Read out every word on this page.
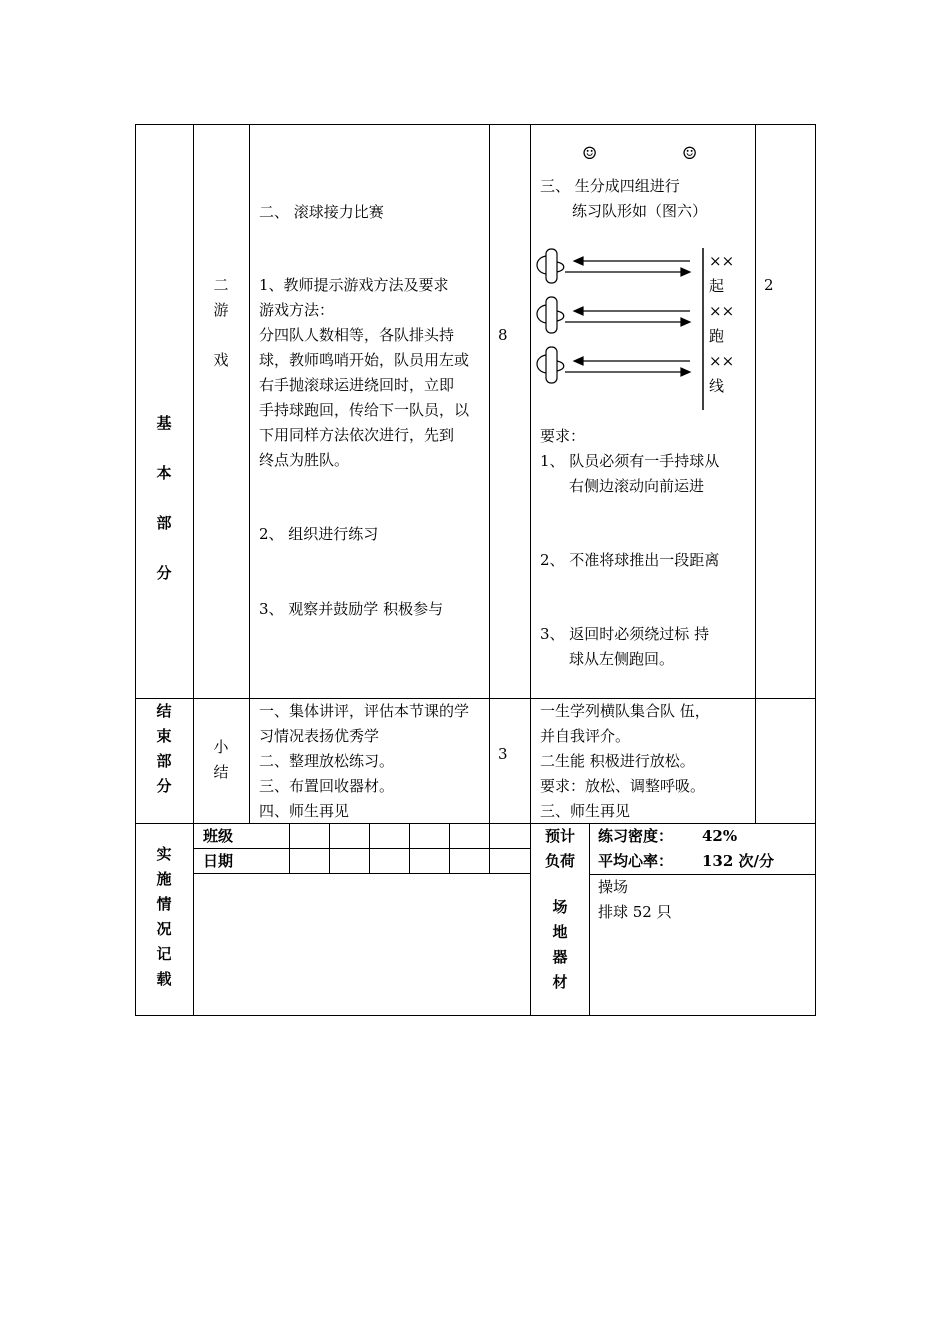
基
本
部
分
二
游
戏
二、 滚球接力比赛
1、教师提示游戏方法及要求
游戏方法：
分四队人数相等，各队排头持
球，教师鸣哨开始，队员用左或
右手抛滚球运进绕回时，立即
手持球跑回，传给下一队员，以
下用同样方法依次进行，先到
终点为胜队。
2、 组织进行练习
3、 观察并鼓励学 积极参与
8
☺	☺
三、 生分成四组进行
练习队形如（图六）
××
起
××
跑
××
线
要求：
1、 队员必须有一手持球从
右侧边滚动向前运进
2、 不准将球推出一段距离
3、 返回时必须绕过标 持
球从左侧跑回。
2
结
束
部
分
小
结
一、集体讲评，评估本节课的学
习情况表扬优秀学
二、整理放松练习。
三、布置回收器材。
四、师生再见
3
一生学列横队集合队 伍，
并自我评介。
二生能 积极进行放松。
要求：放松、调整呼吸。
三、师生再见
实
施
情
况
记
载
班级
日期
预计
负荷
练习密度： 42%
平均心率： 132 次/分
场
地
器
材
操场
排球 52 只
